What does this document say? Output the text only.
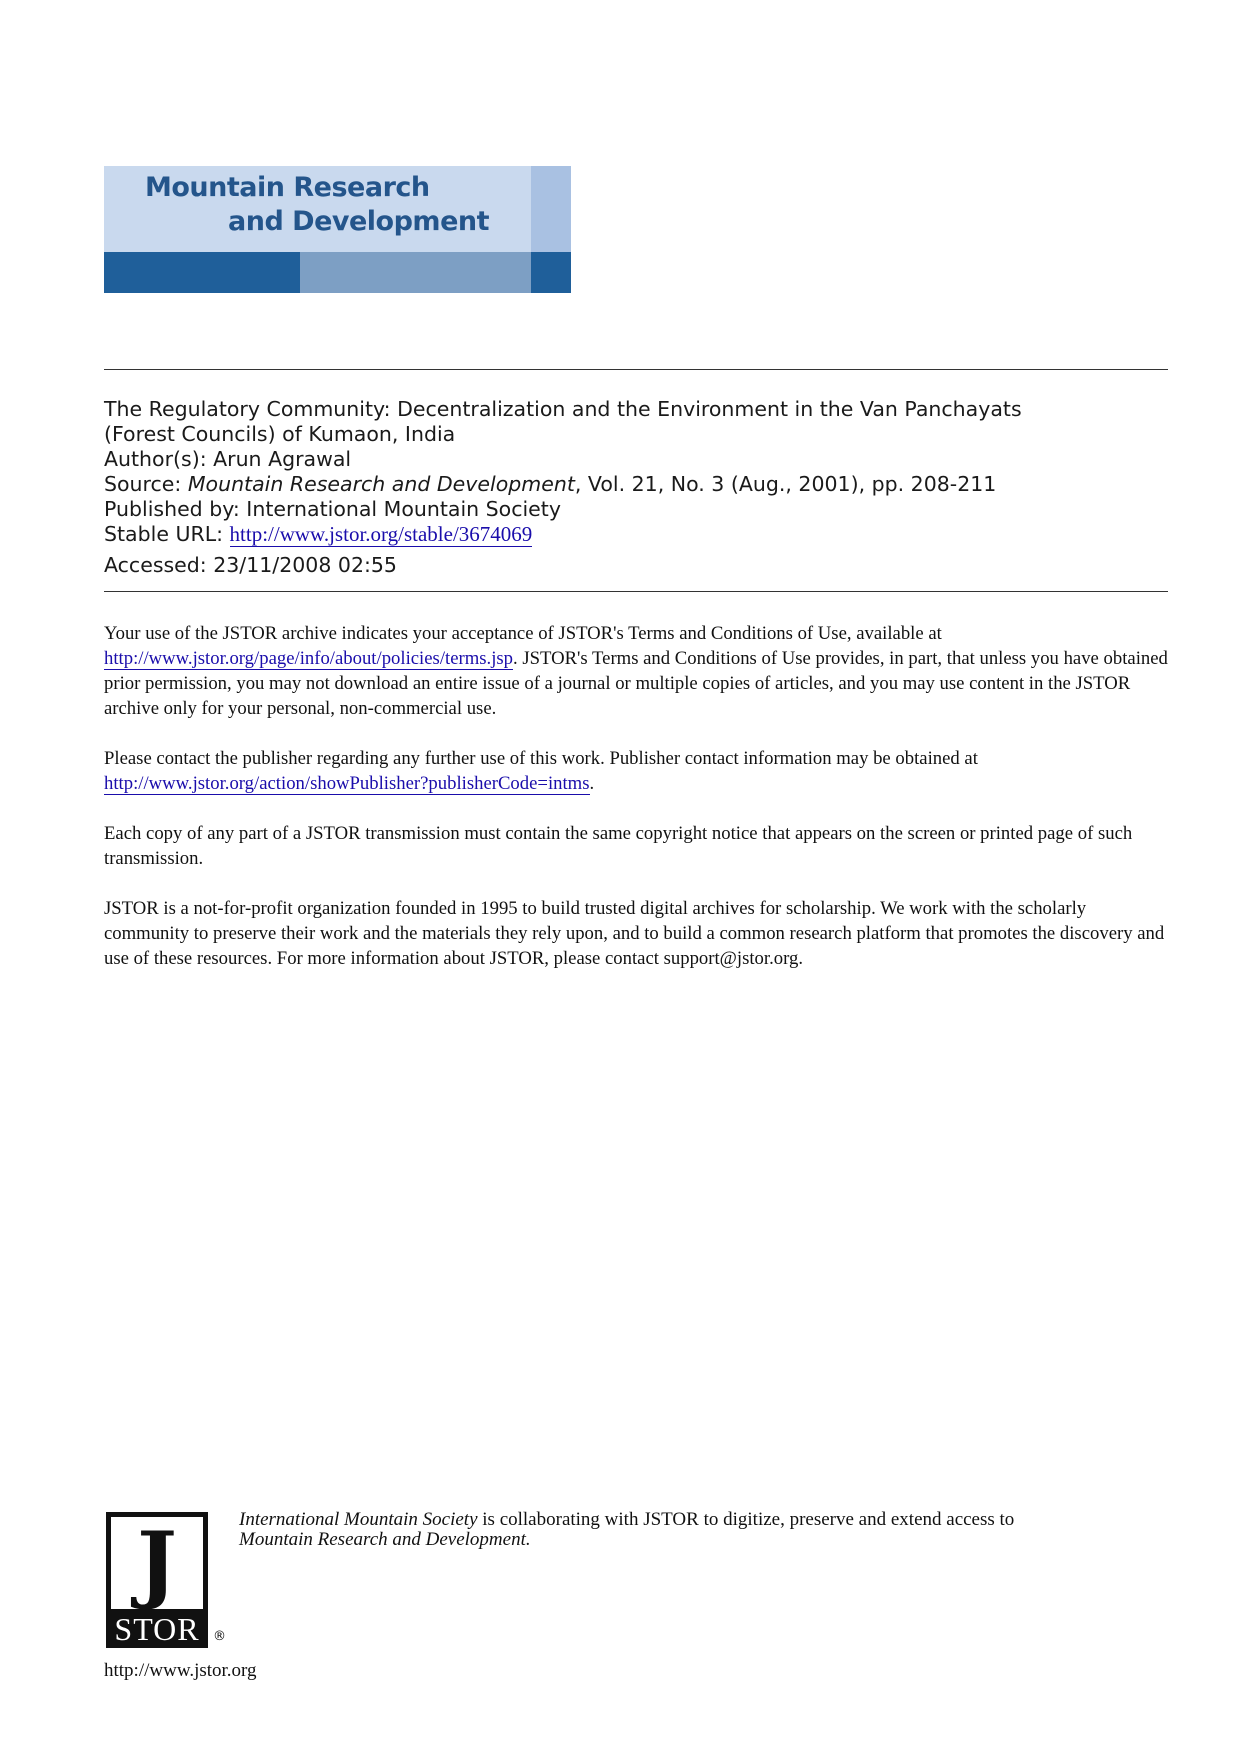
Mountain Research
and Development
The Regulatory Community: Decentralization and the Environment in the Van Panchayats
(Forest Councils) of Kumaon, India
Author(s): Arun Agrawal
Source: Mountain Research and Development, Vol. 21, No. 3 (Aug., 2001), pp. 208-211
Published by: International Mountain Society
Stable URL: http://www.jstor.org/stable/3674069
Accessed: 23/11/2008 02:55

Your use of the JSTOR archive indicates your acceptance of JSTOR's Terms and Conditions of Use, available at
http://www.jstor.org/page/info/about/policies/terms.jsp. JSTOR's Terms and Conditions of Use provides, in part, that unless you have obtained prior permission, you may not download an entire issue of a journal or multiple copies of articles, and you may use content in the JSTOR archive only for your personal, non-commercial use.

Please contact the publisher regarding any further use of this work. Publisher contact information may be obtained at
http://www.jstor.org/action/showPublisher?publisherCode=intms.

Each copy of any part of a JSTOR transmission must contain the same copyright notice that appears on the screen or printed page of such transmission.

JSTOR is a not-for-profit organization founded in 1995 to build trusted digital archives for scholarship. We work with the scholarly community to preserve their work and the materials they rely upon, and to build a common research platform that promotes the discovery and use of these resources. For more information about JSTOR, please contact support@jstor.org.

J
STOR	®
International Mountain Society is collaborating with JSTOR to digitize, preserve and extend access to
Mountain Research and Development.
http://www.jstor.org
